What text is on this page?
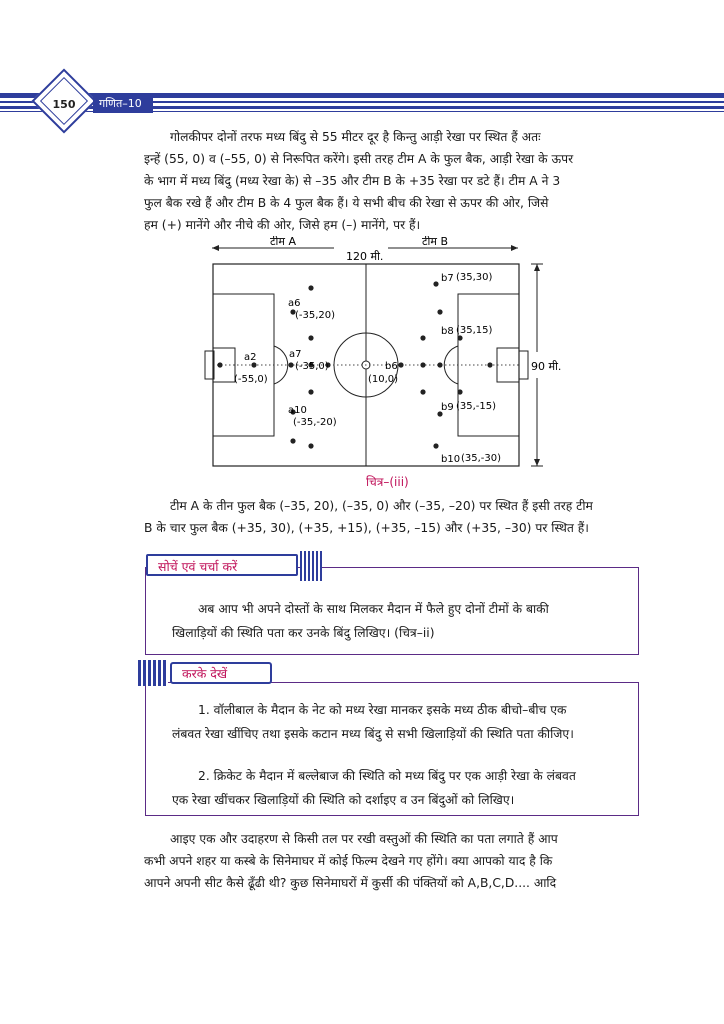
150	गणित–10
गोलकीपर दोनों तरफ मध्य बिंदु से 55 मीटर दूर है किन्तु आड़ी रेखा पर स्थित हैं अतः
इन्हें (55, 0) व (–55, 0) से निरूपित करेंगे। इसी तरह टीम A के फुल बैक, आड़ी रेखा के ऊपर
के भाग में मध्य बिंदु (मध्य रेखा के) से –35 और टीम B के +35 रेखा पर डटे हैं। टीम A ने 3
फुल बैक रखे हैं और टीम B के 4 फुल बैक हैं। ये सभी बीच की रेखा से ऊपर की ओर, जिसे
हम (+) मानेंगे और नीचे की ओर, जिसे हम (–) मानेंगे, पर हैं।
टीम A	टीम B
120 मी.
90 मी.
a6
(-35,20)
a2
(-55,0)
a7
(-35,0)
a10
(-35,-20)
b6
(10,0)
b7 (35,30)
b8 (35,15)
b9 (35,-15)
b10 (35,-30)
चित्र–(iii)
टीम A के तीन फुल बैक (–35, 20), (–35, 0) और (–35, –20) पर स्थित हैं इसी तरह टीम
B के चार फुल बैक (+35, 30), (+35, +15), (+35, –15) और (+35, –30) पर स्थित हैं।
सोचें एवं चर्चा करें
अब आप भी अपने दोस्तों के साथ मिलकर मैदान में फैले हुए दोनों टीमों के बाकी
खिलाड़ियों की स्थिति पता कर उनके बिंदु लिखिए। (चित्र–ii)
करके देखें
1. वॉलीबाल के मैदान के नेट को मध्य रेखा मानकर इसके मध्य ठीक बीचो–बीच एक
लंबवत रेखा खींचिए तथा इसके कटान मध्य बिंदु से सभी खिलाड़ियों की स्थिति पता कीजिए।
2. क्रिकेट के मैदान में बल्लेबाज की स्थिति को मध्य बिंदु पर एक आड़ी रेखा के लंबवत
एक रेखा खींचकर खिलाड़ियों की स्थिति को दर्शाइए व उन बिंदुओं को लिखिए।
आइए एक और उदाहरण से किसी तल पर रखी वस्तुओं की स्थिति का पता लगाते हैं आप
कभी अपने शहर या कस्बे के सिनेमाघर में कोई फिल्म देखने गए होंगे। क्या आपको याद है कि
आपने अपनी सीट कैसे ढूँढी थी? कुछ सिनेमाघरों में कुर्सी की पंक्तियों को A,B,C,D.... आदि
